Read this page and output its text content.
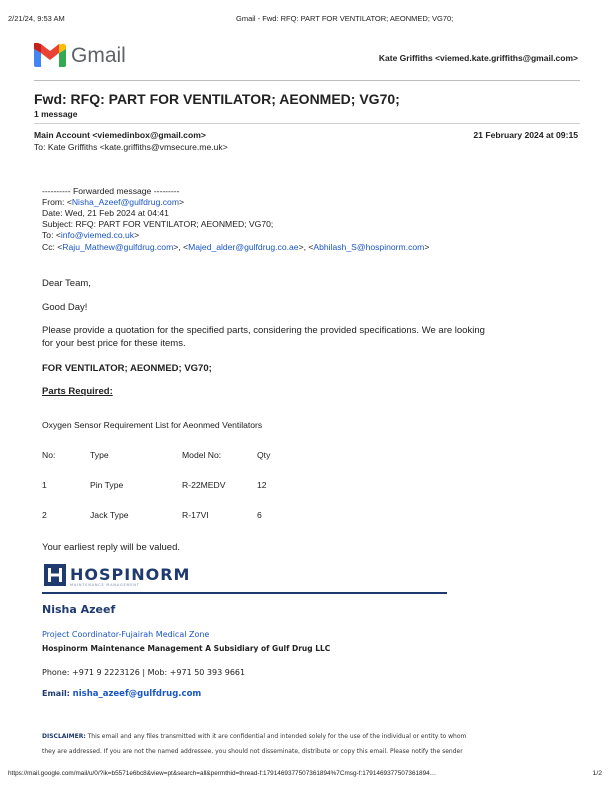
2/21/24, 9:53 AM	Gmail - Fwd: RFQ: PART FOR VENTILATOR; AEONMED; VG70;
Gmail	Kate Griffiths <viemed.kate.griffiths@gmail.com>
Fwd: RFQ: PART FOR VENTILATOR; AEONMED; VG70;
1 message
Main Account <viemedinbox@gmail.com>	21 February 2024 at 09:15
To: Kate Griffiths <kate.griffiths@vmsecure.me.uk>
---------- Forwarded message ---------
From: <Nisha_Azeef@gulfdrug.com>
Date: Wed, 21 Feb 2024 at 04:41
Subject: RFQ: PART FOR VENTILATOR; AEONMED; VG70;
To: <info@viemed.co.uk>
Cc: <Raju_Mathew@gulfdrug.com>, <Majed_alder@gulfdrug.co.ae>, <Abhilash_S@hospinorm.com>
Dear Team,
Good Day!
Please provide a quotation for the specified parts, considering the provided specifications. We are looking
for your best price for these items.
FOR VENTILATOR; AEONMED; VG70;
Parts Required:
Oxygen Sensor Requirement List for Aeonmed Ventilators
No:	Type	Model No:	Qty
1	Pin Type	R-22MEDV	12
2	Jack Type	R-17VI	6
Your earliest reply will be valued.
HOSPINORM
MAINTENANCE MANAGEMENT
Nisha Azeef
Project Coordinator-Fujairah Medical Zone
Hospinorm Maintenance Management A Subsidiary of Gulf Drug LLC
Phone: +971 9 2223126 | Mob: +971 50 393 9661
Email: nisha_azeef@gulfdrug.com
DISCLAIMER: This email and any files transmitted with it are confidential and intended solely for the use of the individual or entity to whom
they are addressed. If you are not the named addressee, you should not disseminate, distribute or copy this email. Please notify the sender
https://mail.google.com/mail/u/0/?ik=b5571e6bc8&view=pt&search=all&permthid=thread-f:1791469377507361894%7Cmsg-f:1791469377507361894…	1/2
